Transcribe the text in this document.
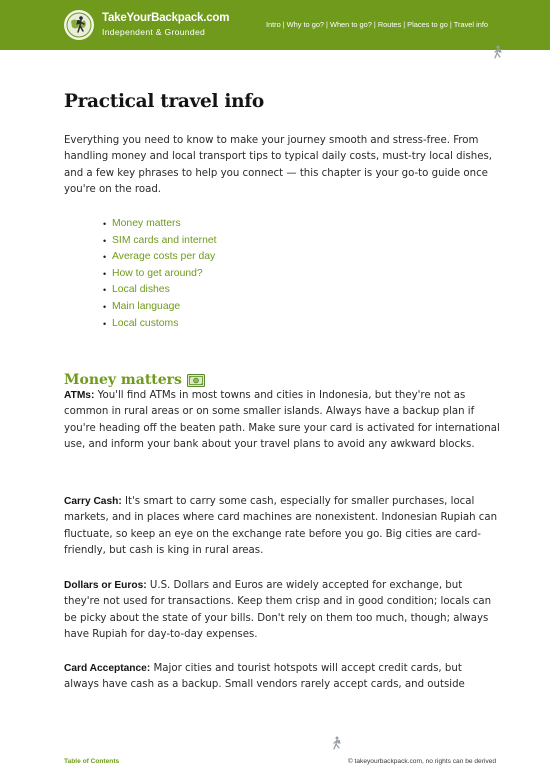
TakeYourBackpack.com
Independent & Grounded
Intro | Why to go? | When to go? | Routes | Places to go | Travel info
Practical travel info
Everything you need to know to make your journey smooth and stress-free. From handling money and local transport tips to typical daily costs, must-try local dishes, and a few key phrases to help you connect — this chapter is your go-to guide once you're on the road.
• Money matters
• SIM cards and internet
• Average costs per day
• How to get around?
• Local dishes
• Main language
• Local customs
Money matters

ATMs: You'll find ATMs in most towns and cities in Indonesia, but they're not as common in rural areas or on some smaller islands. Always have a backup plan if you're heading off the beaten path. Make sure your card is activated for international use, and inform your bank about your travel plans to avoid any awkward blocks.

Carry Cash: It's smart to carry some cash, especially for smaller purchases, local markets, and in places where card machines are nonexistent. Indonesian Rupiah can fluctuate, so keep an eye on the exchange rate before you go. Big cities are card-friendly, but cash is king in rural areas.

Dollars or Euros: U.S. Dollars and Euros are widely accepted for exchange, but they're not used for transactions. Keep them crisp and in good condition; locals can be picky about the state of your bills. Don't rely on them too much, though; always have Rupiah for day-to-day expenses.

Card Acceptance: Major cities and tourist hotspots will accept credit cards, but always have cash as a backup. Small vendors rarely accept cards, and outside

Table of Contents	© takeyourbackpack.com, no rights can be derived
